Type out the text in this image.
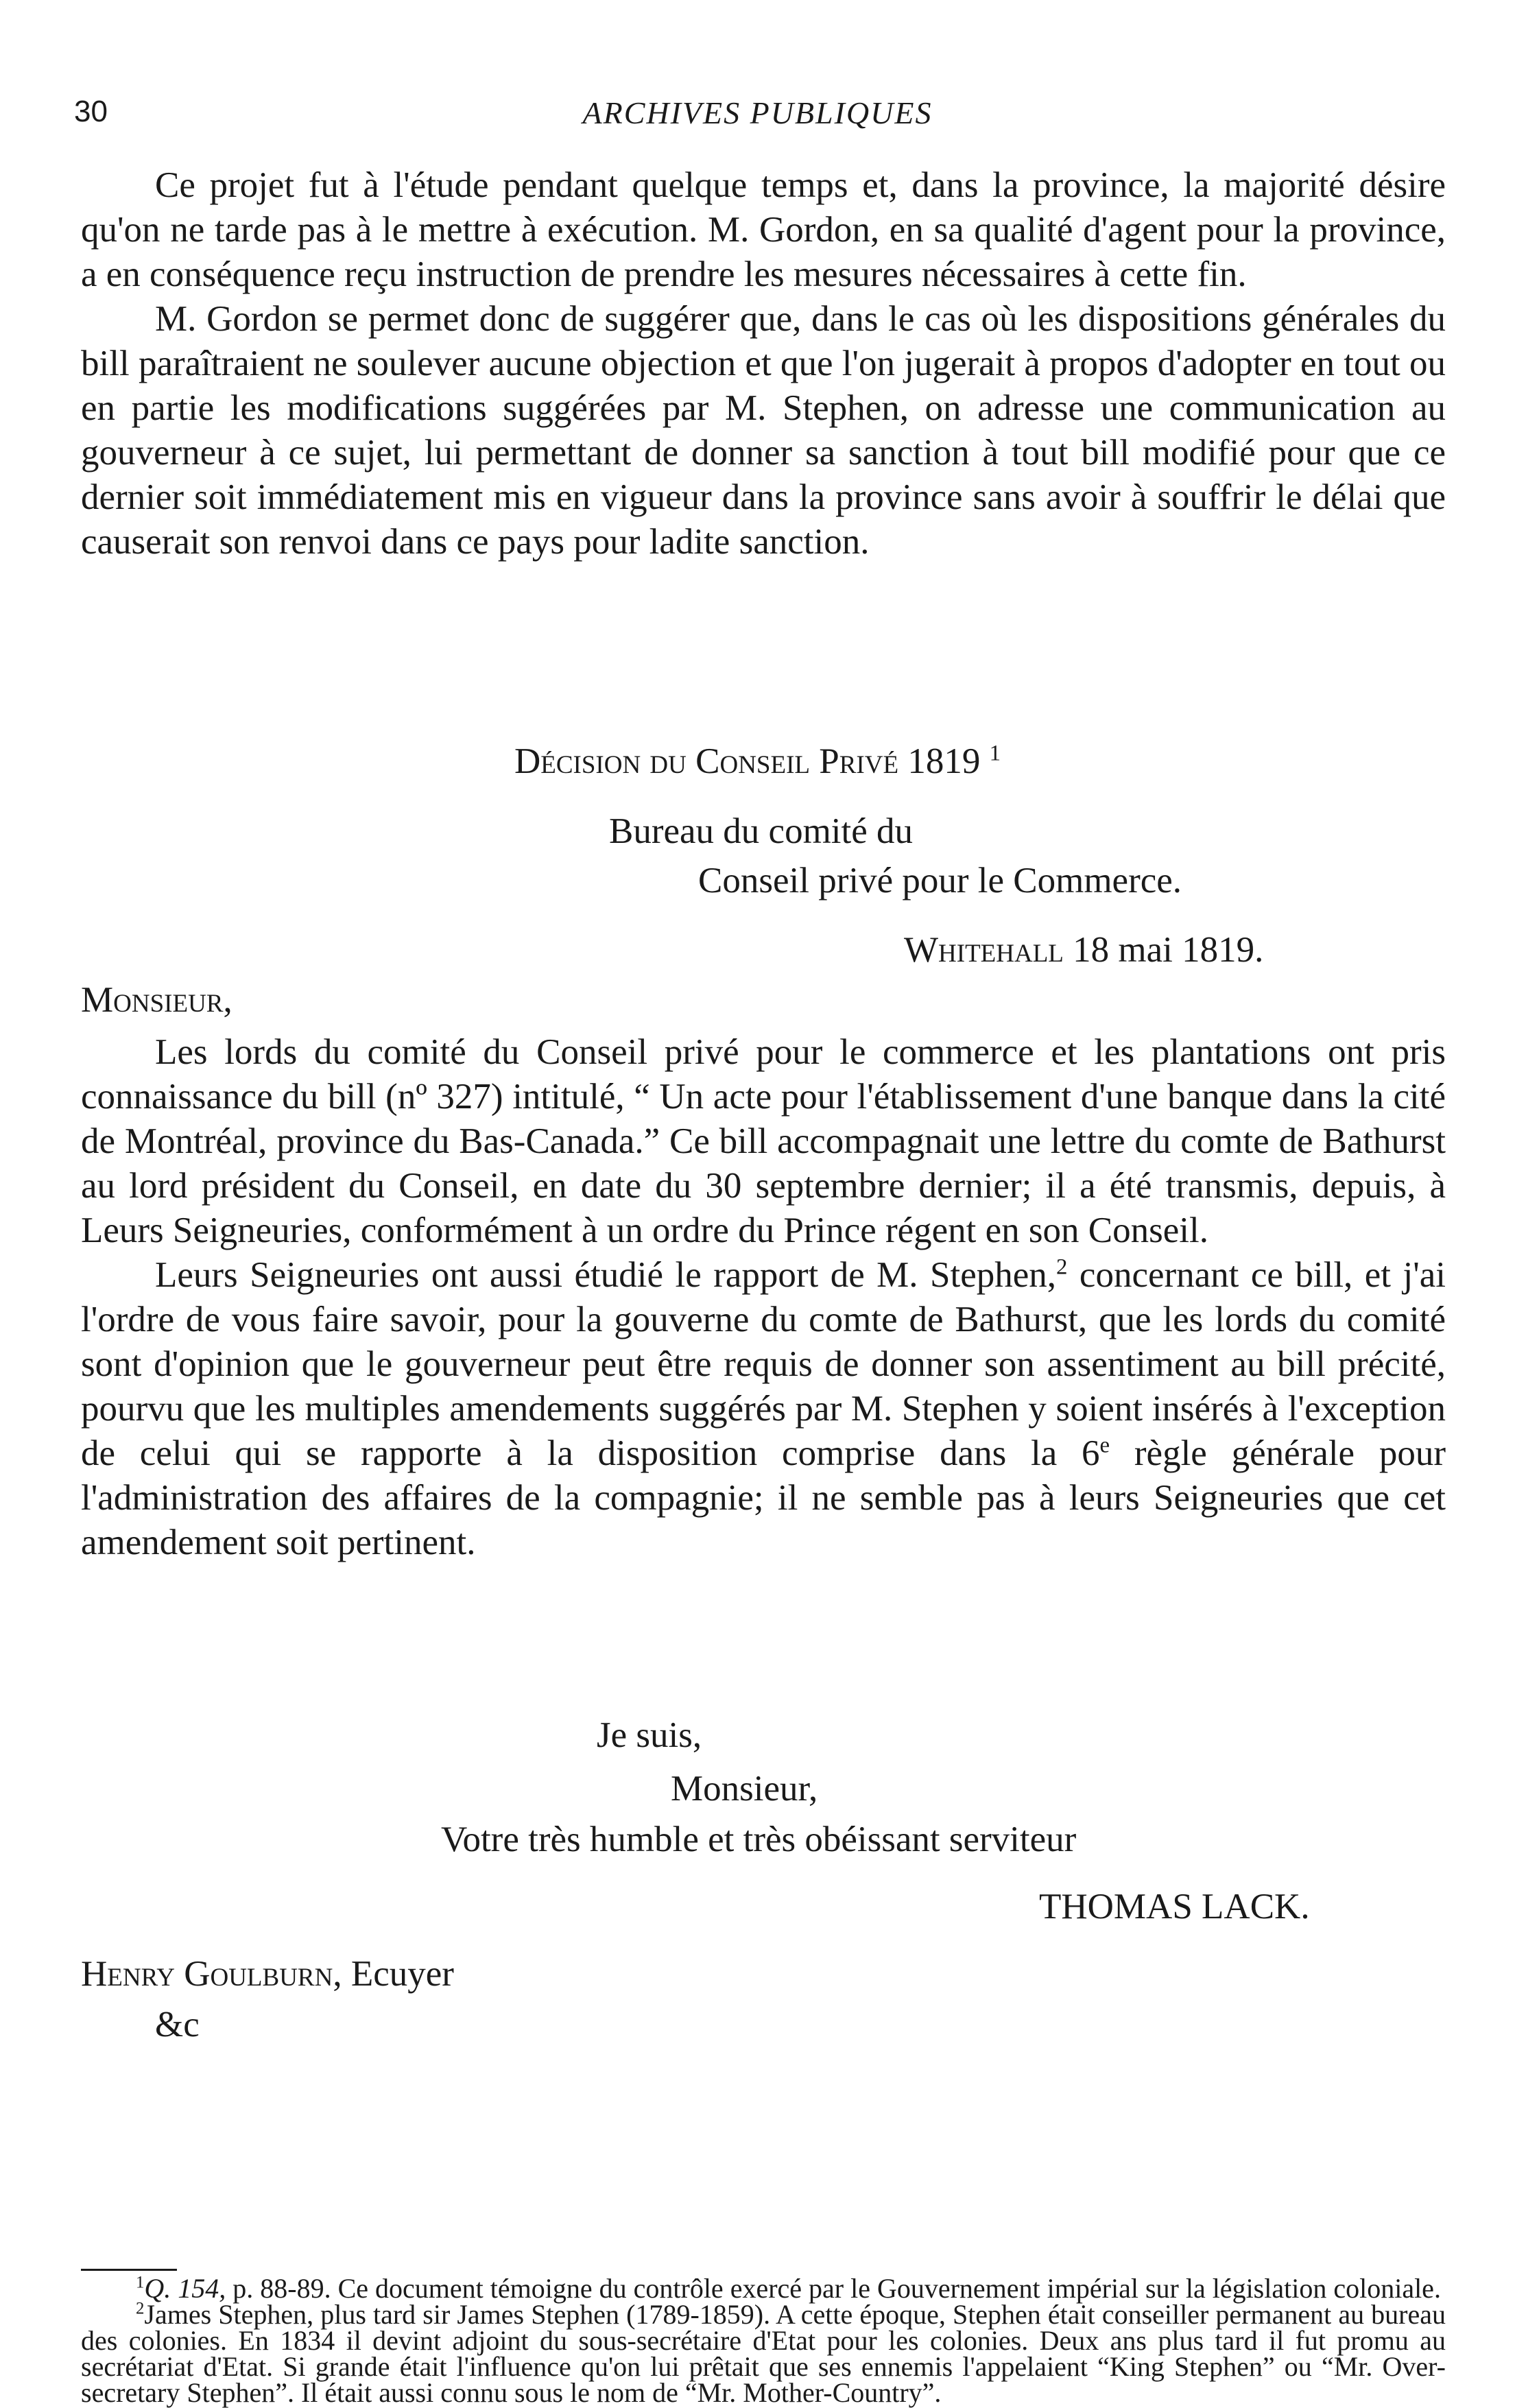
30	ARCHIVES PUBLIQUES

Ce projet fut à l'étude pendant quelque temps et, dans la province, la majorité désire qu'on ne tarde pas à le mettre à exécution. M. Gordon, en sa qualité d'agent pour la province, a en conséquence reçu instruction de prendre les mesures nécessaires à cette fin.

M. Gordon se permet donc de suggérer que, dans le cas où les dispositions générales du bill paraîtraient ne soulever aucune objection et que l'on jugerait à propos d'adopter en tout ou en partie les modifications suggérées par M. Stephen, on adresse une communication au gouverneur à ce sujet, lui permettant de donner sa sanction à tout bill modifié pour que ce dernier soit immédiatement mis en vigueur dans la province sans avoir à souffrir le délai que causerait son renvoi dans ce pays pour ladite sanction.

Décision du Conseil Privé 1819 $^1$
Bureau du comité du
Conseil privé pour le Commerce.
Whitehall 18 mai 1819.
Monsieur,

Les lords du comité du Conseil privé pour le commerce et les plantations ont pris connaissance du bill (nº 327) intitulé, “ Un acte pour l'établissement d'une banque dans la cité de Montréal, province du Bas-Canada.” Ce bill accompagnait une lettre du comte de Bathurst au lord président du Conseil, en date du 30 septembre dernier; il a été transmis, depuis, à Leurs Seigneuries, conformément à un ordre du Prince régent en son Conseil.

Leurs Seigneuries ont aussi étudié le rapport de M. Stephen,$^2$ concernant ce bill, et j'ai l'ordre de vous faire savoir, pour la gouverne du comte de Bathurst, que les lords du comité sont d'opinion que le gouverneur peut être requis de donner son assentiment au bill précité, pourvu que les multiples amendements suggérés par M. Stephen y soient insérés à l'exception de celui qui se rapporte à la disposition comprise dans la 6e règle générale pour l'administration des affaires de la compagnie; il ne semble pas à leurs Seigneuries que cet amendement soit pertinent.

Je suis,
Monsieur,
Votre très humble et très obéissant serviteur
THOMAS LACK.
Henry Goulburn, Ecuyer
&c

$^1$Q. 154, p. 88-89. Ce document témoigne du contrôle exercé par le Gouvernement impérial sur la législation coloniale.

$^2$James Stephen, plus tard sir James Stephen (1789-1859). A cette époque, Stephen était conseiller permanent au bureau des colonies. En 1834 il devint adjoint du sous-secrétaire d'Etat pour les colonies. Deux ans plus tard il fut promu au secrétariat d'Etat. Si grande était l'influence qu'on lui prêtait que ses ennemis l'appelaient “King Stephen” ou “Mr. Over-secretary Stephen”. Il était aussi connu sous le nom de “Mr. Mother-Country”.
